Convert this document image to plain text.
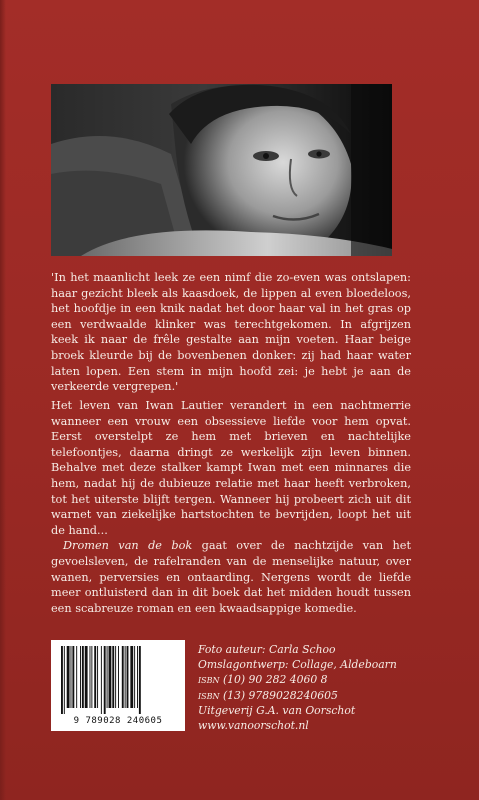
'In het maanlicht leek ze een nimf die zo-even was ontslapen: haar gezicht bleek als kaasdoek, de lippen al even bloedeloos, het hoofdje in een knik nadat het door haar val in het gras op een verdwaalde klinker was terechtgekomen. In afgrijzen keek ik naar de frêle gestalte aan mijn voeten. Haar beige broek kleurde bij de bovenbenen donker: zij had haar water laten lopen. Een stem in mijn hoofd zei: je hebt je aan de verkeerde vergrepen.'

Het leven van Iwan Lautier verandert in een nachtmerrie wanneer een vrouw een obsessieve liefde voor hem opvat. Eerst overstelpt ze hem met brieven en nachtelijke telefoontjes, daarna dringt ze werkelijk zijn leven binnen. Behalve met deze stalker kampt Iwan met een minnares die hem, nadat hij de dubieuze relatie met haar heeft verbroken, tot het uiterste blijft tergen. Wanneer hij probeert zich uit dit warnet van ziekelijke hartstochten te bevrijden, loopt het uit de hand...

Dromen van de bok gaat over de nachtzijde van het gevoelsleven, de rafelranden van de menselijke natuur, over wanen, perversies en ontaarding. Nergens wordt de liefde meer ontluisterd dan in dit boek dat het midden houdt tussen een scabreuze roman en een kwaadsappige komedie.

9 789028 240605
Foto auteur: Carla Schoo
Omslagontwerp: Collage, Aldeboarn
isbn (10) 90 282 4060 8
isbn (13) 9789028240605
Uitgeverij G.A. van Oorschot
www.vanoorschot.nl
